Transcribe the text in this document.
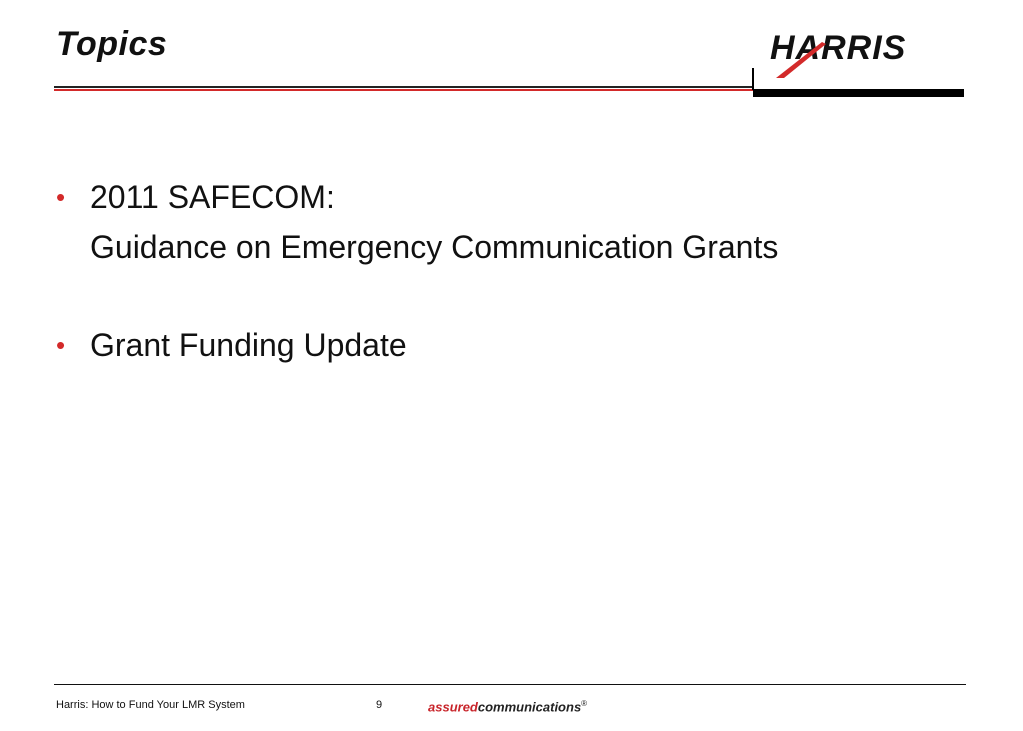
Topics	HARRIS
• 2011 SAFECOM:
Guidance on Emergency Communication Grants
• Grant Funding Update
Harris: How to Fund Your LMR System	9	assuredcommunications®
